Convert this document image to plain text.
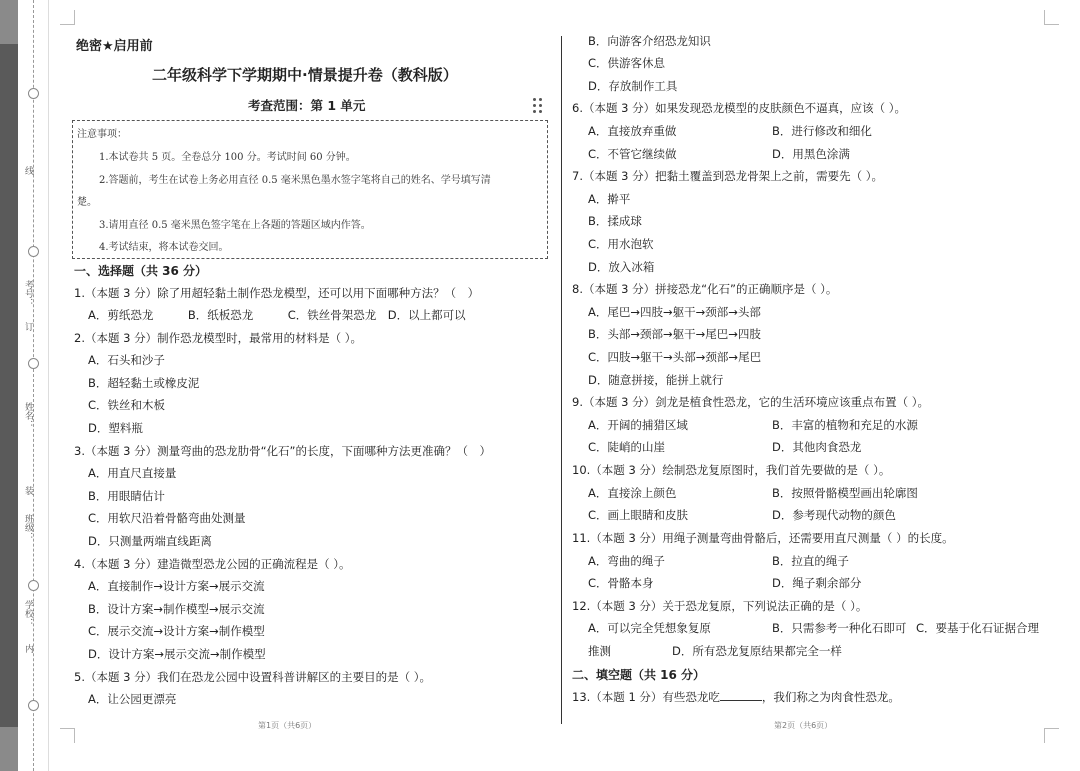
线
考号：
订
姓名：
装
班级：
学校：
内
绝密★启用前
二年级科学下学期期中·情景提升卷（教科版）
考查范围：第 1 单元
注意事项：
1.本试卷共 5 页。全卷总分 100 分。考试时间 60 分钟。
2.答题前，考生在试卷上务必用直径 0.5 毫米黑色墨水签字笔将自己的姓名、学号填写清
楚。
3.请用直径 0.5 毫米黑色签字笔在上各题的答题区域内作答。
4.考试结束，将本试卷交回。
一、选择题（共 36 分）
1.（本题 3 分）除了用超轻黏土制作恐龙模型，还可以用下面哪种方法？（　）
A．剪纸恐龙　　　B．纸板恐龙　　　C．铁丝骨架恐龙　D．以上都可以
2.（本题 3 分）制作恐龙模型时，最常用的材料是（ ）。
A．石头和沙子
B．超轻黏土或橡皮泥
C．铁丝和木板
D．塑料瓶
3.（本题 3 分）测量弯曲的恐龙肋骨“化石”的长度，下面哪种方法更准确？（　）
A．用直尺直接量
B．用眼睛估计
C．用软尺沿着骨骼弯曲处测量
D．只测量两端直线距离
4.（本题 3 分）建造微型恐龙公园的正确流程是（ ）。
A．直接制作→设计方案→展示交流
B．设计方案→制作模型→展示交流
C．展示交流→设计方案→制作模型
D．设计方案→展示交流→制作模型
5.（本题 3 分）我们在恐龙公园中设置科普讲解区的主要目的是（ ）。
A．让公园更漂亮
第1页（共6页）
B．向游客介绍恐龙知识
C．供游客休息
D．存放制作工具
6.（本题 3 分）如果发现恐龙模型的皮肤颜色不逼真，应该（ ）。
A．直接放弃重做	B．进行修改和细化
C．不管它继续做	D．用黑色涂满
7.（本题 3 分）把黏土覆盖到恐龙骨架上之前，需要先（ ）。
A．擀平
B．揉成球
C．用水泡软
D．放入冰箱
8.（本题 3 分）拼接恐龙“化石”的正确顺序是（ ）。
A．尾巴→四肢→躯干→颈部→头部
B．头部→颈部→躯干→尾巴→四肢
C．四肢→躯干→头部→颈部→尾巴
D．随意拼接，能拼上就行
9.（本题 3 分）剑龙是植食性恐龙，它的生活环境应该重点布置（ ）。
A．开阔的捕猎区域	B．丰富的植物和充足的水源
C．陡峭的山崖	D．其他肉食恐龙
10.（本题 3 分）绘制恐龙复原图时，我们首先要做的是（ ）。
A．直接涂上颜色	B．按照骨骼模型画出轮廓图
C．画上眼睛和皮肤	D．参考现代动物的颜色
11.（本题 3 分）用绳子测量弯曲骨骼后，还需要用直尺测量（ ）的长度。
A．弯曲的绳子	B．拉直的绳子
C．骨骼本身	D．绳子剩余部分
12.（本题 3 分）关于恐龙复原，下列说法正确的是（ ）。
A．可以完全凭想象复原	B．只需参考一种化石即可 C．要基于化石证据合理
推测	D．所有恐龙复原结果都完全一样
二、填空题（共 16 分）
13.（本题 1 分）有些恐龙吃	，我们称之为肉食性恐龙。
第2页（共6页）
